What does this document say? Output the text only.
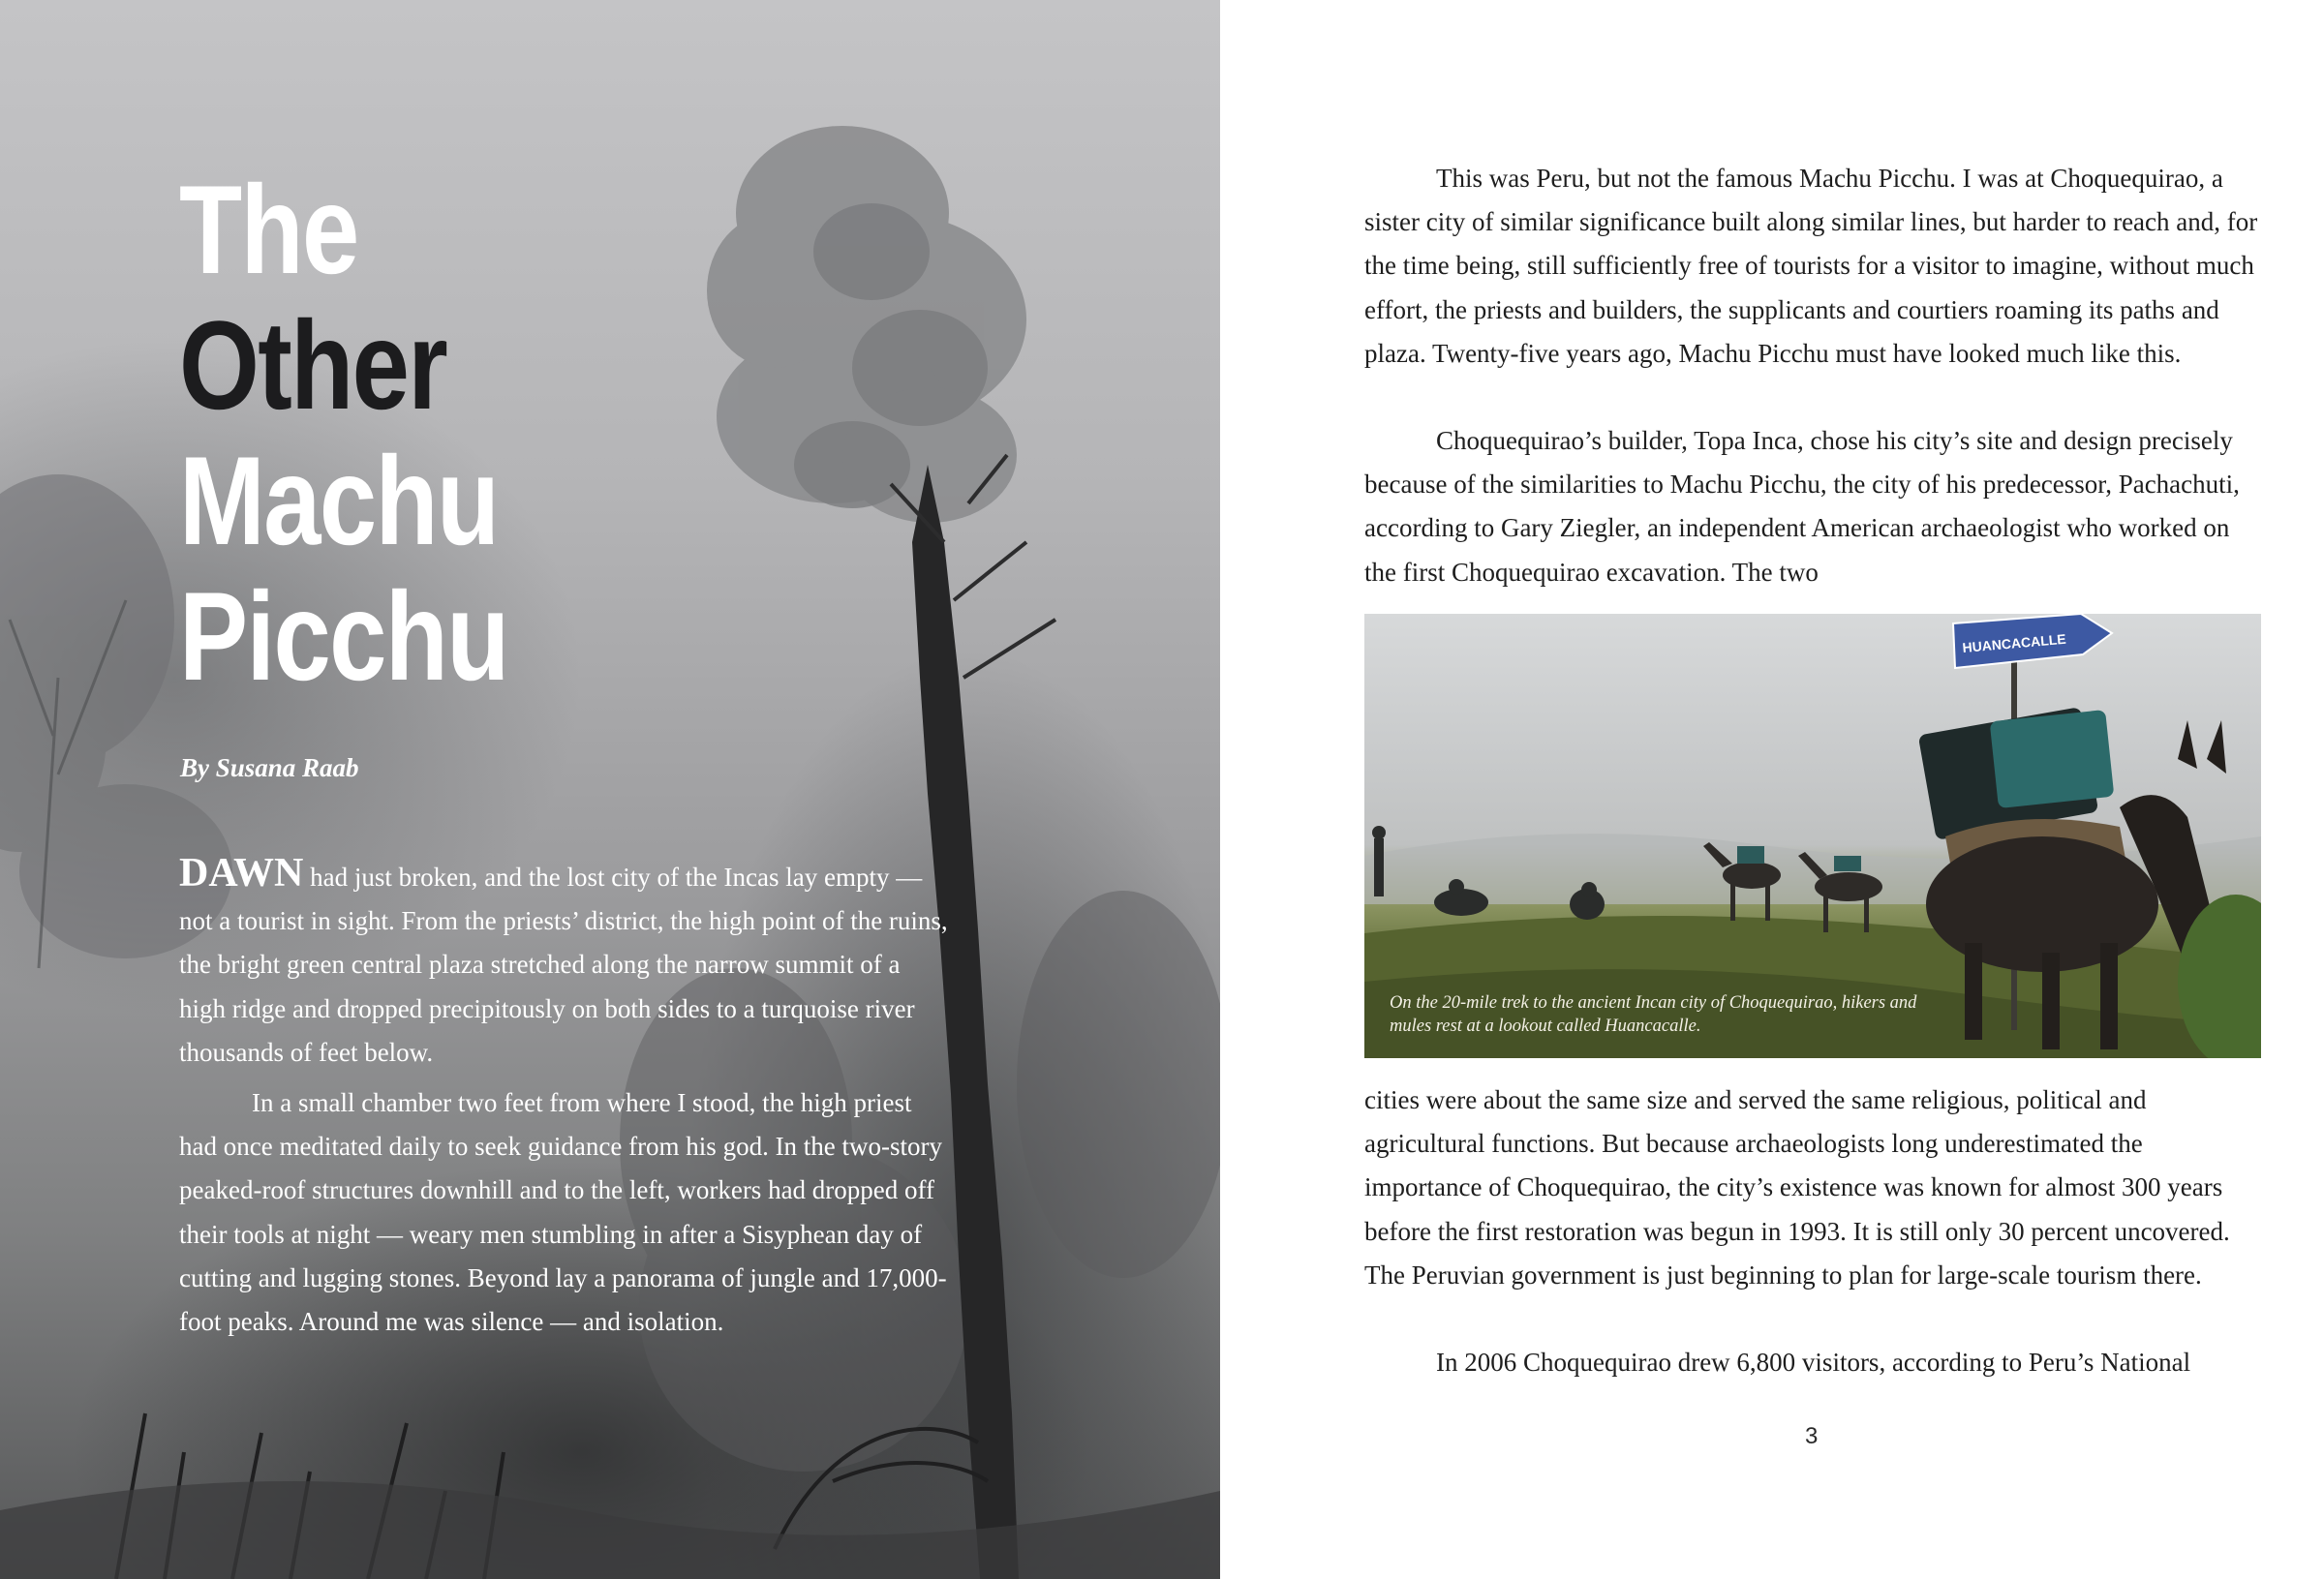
The
Other
Machu
Picchu

By Susana Raab

DAWN had just broken, and the lost city of the Incas lay empty — not a tourist in sight. From the priests’ district, the high point of the ruins, the bright green central plaza stretched along the narrow summit of a high ridge and dropped precipitously on both sides to a turquoise river thousands of feet below.

In a small chamber two feet from where I stood, the high priest had once meditated daily to seek guidance from his god. In the two-story peaked-roof structures downhill and to the left, workers had dropped off their tools at night — weary men stumbling in after a Sisyphean day of cutting and lugging stones. Beyond lay a panorama of jungle and 17,000-foot peaks. Around me was silence — and isolation.

This was Peru, but not the famous Machu Picchu. I was at Choquequirao, a sister city of similar significance built along similar lines, but harder to reach and, for the time being, still sufficiently free of tourists for a visitor to imagine, without much effort, the priests and builders, the supplicants and courtiers roaming its paths and plaza. Twenty-five years ago, Machu Picchu must have looked much like this.

Choquequirao’s builder, Topa Inca, chose his city’s site and design precisely because of the similarities to Machu Picchu, the city of his predecessor, Pachachuti, according to Gary Ziegler, an independent American archaeologist who worked on the first Choquequirao excavation. The two

HUANCACALLE

On the 20-mile trek to the ancient Incan city of Choquequirao, hikers and mules rest at a lookout called Huancacalle.

cities were about the same size and served the same religious, political and agricultural functions. But because archaeologists long underestimated the importance of Choquequirao, the city’s existence was known for almost 300 years before the first restoration was begun in 1993. It is still only 30 percent uncovered. The Peruvian government is just beginning to plan for large-scale tourism there.

In 2006 Choquequirao drew 6,800 visitors, according to Peru’s National

3
